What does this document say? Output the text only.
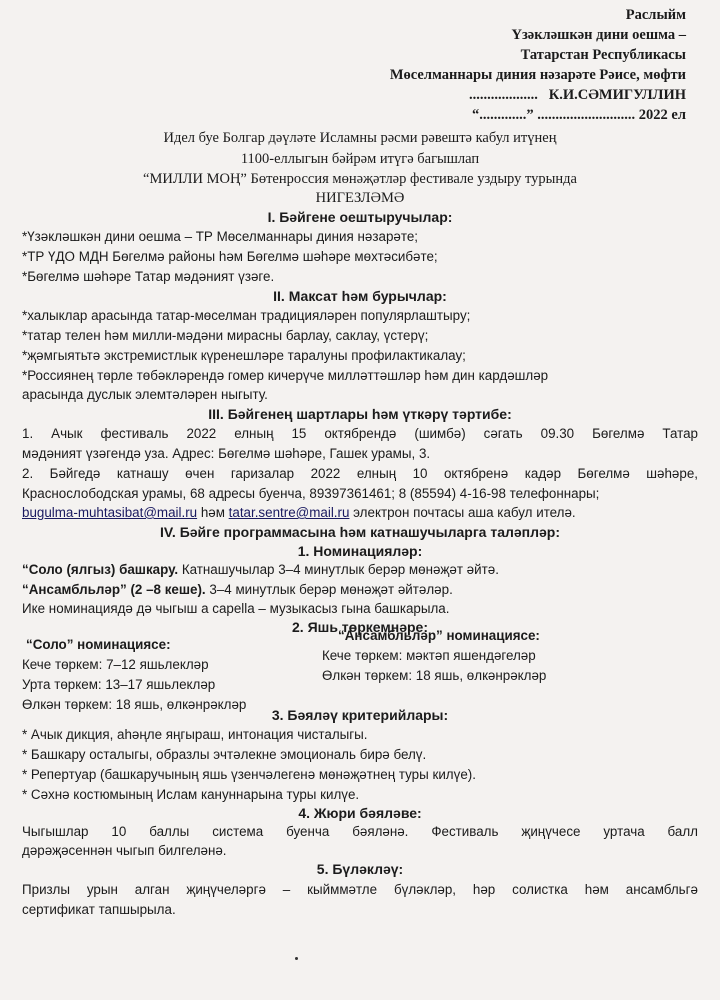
Раслыйм
Үзәкләшкән дини оешма –
Татарстан Республикасы
Мөселманнары диния нәзарәте Рәисе, мөфти
................... К.И.СӘМИГУЛЛИН
“.............” ........................... 2022 ел
Идел буе Болгар дәүләте Исламны рәсми рәвештә кабул итүнең
1100-еллыгын бәйрәм итүгә багышлап
“МИЛЛИ МОҢ” Бөтенроссия мөнәҗәтләр фестивале уздыру турында
НИГЕЗЛӘМӘ
I. Бәйгене оештыручылар:
*Үзәкләшкән дини оешма – ТР Мөселманнары диния нәзарәте;
*ТР ҮДО МДН Бөгелмә районы һәм Бөгелмә шәһәре мөхтәсибәте;
*Бөгелмә шәһәре Татар мәдәният үзәге.
II. Максат һәм бурычлар:
*халыклар арасында татар-мөселман традицияләрен популярлаштыру;
*татар телен һәм милли-мәдәни мирасны барлау, саклау, үстерү;
*җәмгыятьтә экстремистлык күренешләре таралуны профилактикалау;
*Россиянең төрле төбәкләрендә гомер кичерүче милләттәшләр һәм дин кардәшләр
арасында дуслык элемтәләрен ныгыту.
III. Бәйгенең шартлары һәм үткәрү тәртибе:
1. Ачык фестиваль 2022 елның 15 октябрендә (шимбә) сәгать 09.30 Бөгелмә Татар
мәдәният үзәгендә уза. Адрес: Бөгелмә шәһәре, Гашек урамы, 3.
2. Бәйгедә катнашу өчен гаризалар 2022 елның 10 октябренә кадәр Бөгелмә шәһәре,
Краснослободская урамы, 68 адресы буенча, 89397361461; 8 (85594) 4-16-98 телефоннары;
bugulma-muhtasibat@mail.ru һәм tatar.sentre@mail.ru электрон почтасы аша кабул ителә.
IV. Бәйге программасына һәм катнашучыларга таләпләр:
1. Номинацияләр:
“Соло (ялгыз) башкару. Катнашучылар 3–4 минутлык берәр мөнәҗәт әйтә.
“Ансамбльләр” (2 –8 кеше). 3–4 минутлык берәр мөнәҗәт әйтәләр.
Ике номинациядә дә чыгыш а capella – музыкасыз гына башкарыла.
2. Яшь төркемнәре:
“Соло” номинациясе:
Кече төркем: 7–12 яшьлекләр
Урта төркем: 13–17 яшьлекләр
Өлкән төркем: 18 яшь, өлкәнрәкләр
“Ансамбльләр” номинациясе:
Кече төркем: мәктәп яшендәгеләр
Өлкән төркем: 18 яшь, өлкәнрәкләр
3. Бәяләү критерийлары:
* Ачык дикция, аһәңле яңгыраш, интонация чисталыгы.
* Башкару осталыгы, образлы эчтәлекне эмоциональ бирә белү.
* Репертуар (башкаручының яшь үзенчәлегенә мөнәҗәтнең туры килүе).
* Сәхнә костюмының Ислам кануннарына туры килүе.
4. Жюри бәяләве:
Чыгышлар 10 баллы система буенча бәяләнә. Фестиваль җиңүчесе уртача балл
дәрәҗәсеннән чыгып билгеләнә.
5. Бүләкләү:
Призлы урын алган җиңүчеләргә – кыйммәтле бүләкләр, һәр солистка һәм ансамбльгә
сертификат тапшырыла.
